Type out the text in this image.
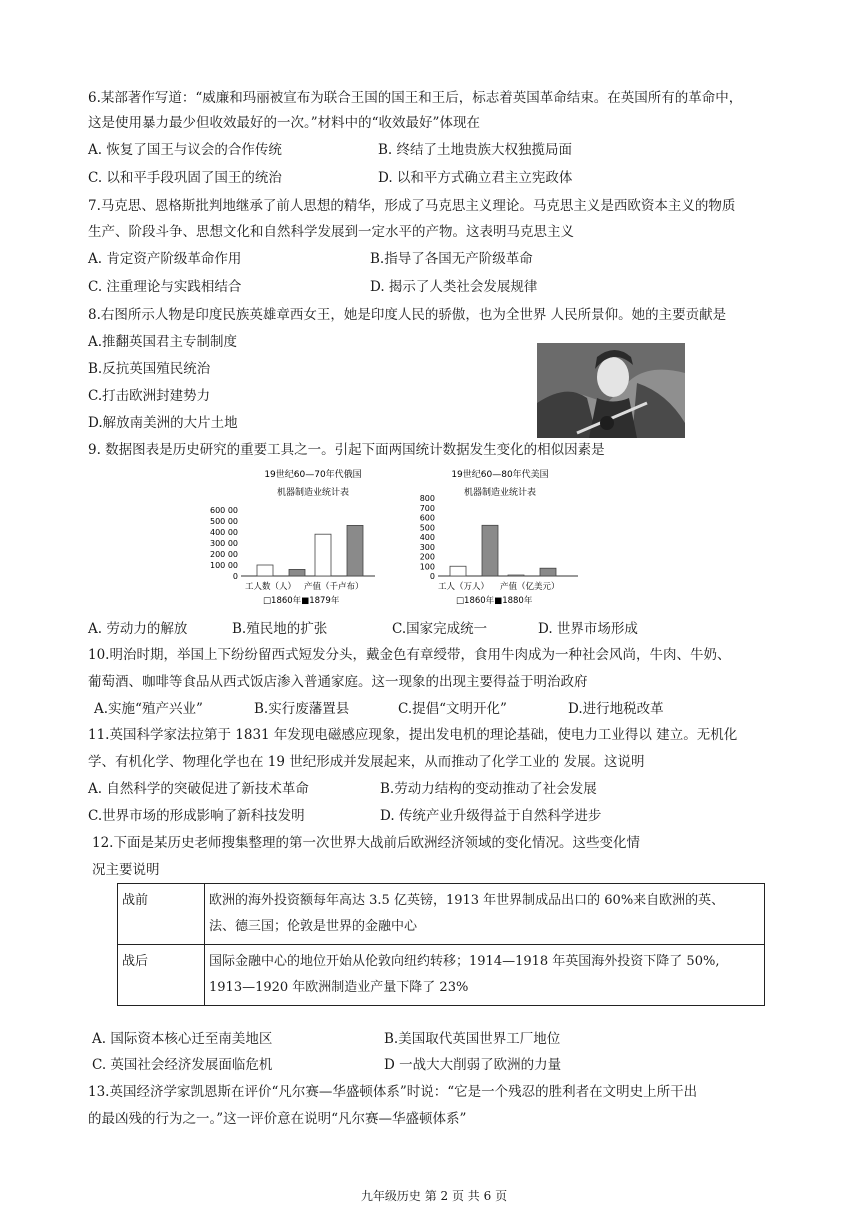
6.某部著作写道：“威廉和玛丽被宣布为联合王国的国王和王后，标志着英国革命结束。在英国所有的革命中，
这是使用暴力最少但收效最好的一次。”材料中的“收效最好”体现在
A. 恢复了国王与议会的合作传统	B. 终结了土地贵族大权独揽局面
C. 以和平手段巩固了国王的统治	D. 以和平方式确立君主立宪政体
7.马克思、恩格斯批判地继承了前人思想的精华，形成了马克思主义理论。马克思主义是西欧资本主义的物质
生产、阶段斗争、思想文化和自然科学发展到一定水平的产物。这表明马克思主义
A. 肯定资产阶级革命作用	B.指导了各国无产阶级革命
C. 注重理论与实践相结合	D. 揭示了人类社会发展规律
8.右图所示人物是印度民族英雄章西女王，她是印度人民的骄傲，也为全世界 人民所景仰。她的主要贡献是
A.推翻英国君主专制制度
B.反抗英国殖民统治
C.打击欧洲封建势力
D.解放南美洲的大片土地
9. 数据图表是历史研究的重要工具之一。引起下面两国统计数据发生变化的相似因素是
19世纪60—70年代俄国
机器制造业统计表
0
100 00
200 00
300 00
400 00
500 00
600 00
工人数（人） 产值（千卢布）
□1860年■1879年
19世纪60—80年代美国
机器制造业统计表
0
100
200
300
400
500
600
700
800
工人（万人） 产值（亿美元）
□1860年■1880年
A. 劳动力的解放	B.殖民地的扩张	C.国家完成统一	D. 世界市场形成
10.明治时期，举国上下纷纷留西式短发分头，戴金色有章绶带，食用牛肉成为一种社会风尚，牛肉、牛奶、
葡萄酒、咖啡等食品从西式饭店渗入普通家庭。这一现象的出现主要得益于明治政府
A.实施“殖产兴业”	B.实行废藩置县	C.提倡“文明开化”	D.进行地税改革
11.英国科学家法拉第于 1831 年发现电磁感应现象，提出发电机的理论基础，使电力工业得以 建立。无机化
学、有机化学、物理化学也在 19 世纪形成并发展起来，从而推动了化学工业的 发展。这说明
A. 自然科学的突破促进了新技术革命	B.劳动力结构的变动推动了社会发展
C.世界市场的形成影响了新科技发明	D. 传统产业升级得益于自然科学进步
12.下面是某历史老师搜集整理的第一次世界大战前后欧洲经济领域的变化情况。这些变化情
况主要说明
战前	欧洲的海外投资额每年高达 3.5 亿英镑，1913 年世界制成品出口的 60%来自欧洲的英、
法、德三国；伦敦是世界的金融中心

战后	国际金融中心的地位开始从伦敦向纽约转移；1914—1918 年英国海外投资下降了 50%,
1913—1920 年欧洲制造业产量下降了 23%
A. 国际资本核心迁至南美地区	B.美国取代英国世界工厂地位
C. 英国社会经济发展面临危机	D 一战大大削弱了欧洲的力量
13.英国经济学家凯恩斯在评价“凡尔赛—华盛顿体系”时说：“它是一个残忍的胜利者在文明史上所干出
的最凶残的行为之一。”这一评价意在说明“凡尔赛—华盛顿体系”
九年级历史 第 2 页 共 6 页
